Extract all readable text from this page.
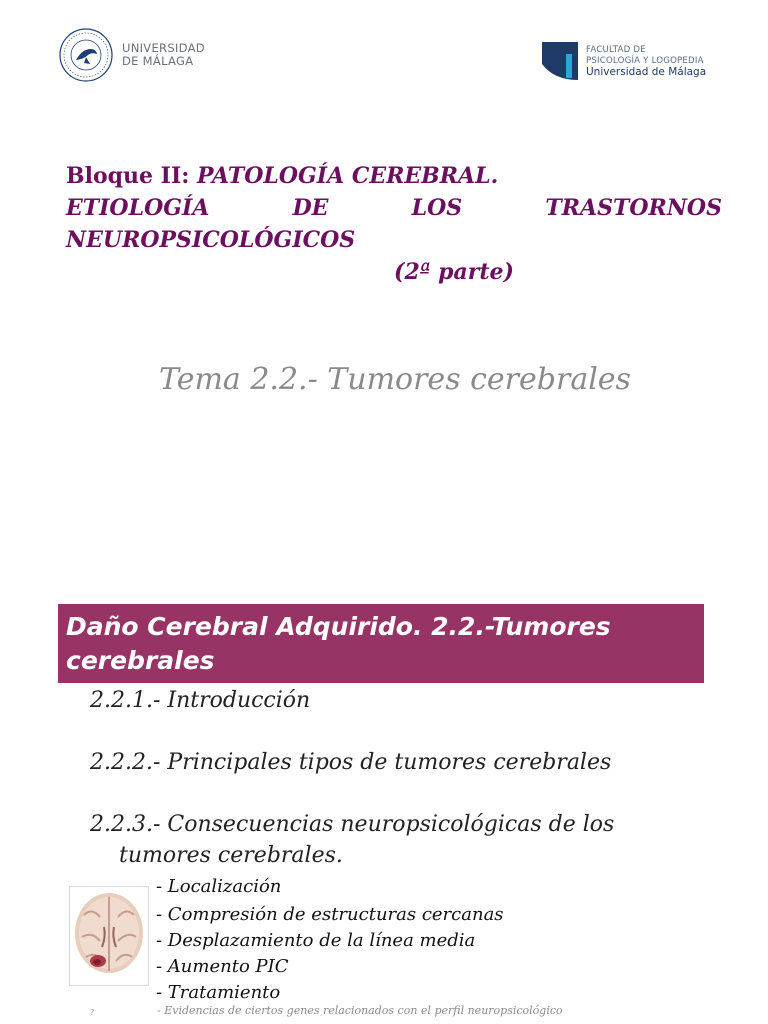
UNIVERSIDAD
DE MÁLAGA
FACULTAD DE
PSICOLOGÍA Y LOGOPEDIA
Universidad de Málaga
Bloque II: PATOLOGÍA CEREBRAL.
ETIOLOGÍA	DE	LOS	TRASTORNOS
NEUROPSICOLÓGICOS
(2ª parte)
Tema 2.2.- Tumores cerebrales
Daño Cerebral Adquirido. 2.2.-Tumores
cerebrales
2.2.1.- Introducción
2.2.2.- Principales tipos de tumores cerebrales
2.2.3.- Consecuencias neuropsicológicas de los
tumores cerebrales.
- Localización
- Compresión de estructuras cercanas
- Desplazamiento de la línea media
- Aumento PIC
- Tratamiento
?	- Evidencias de ciertos genes relacionados con el perfil neuropsicológico
